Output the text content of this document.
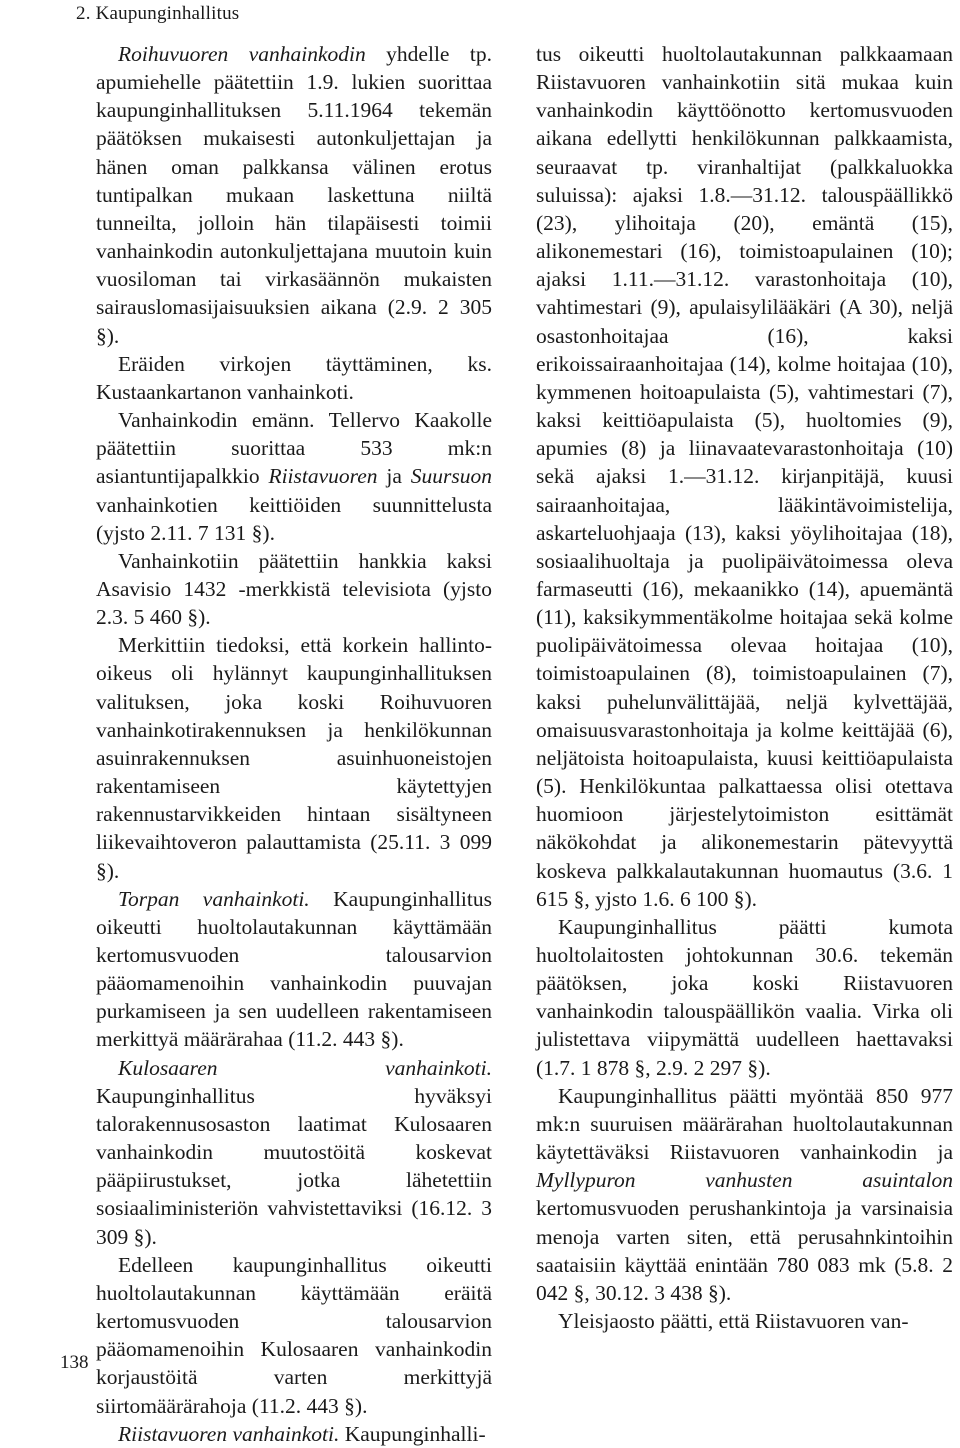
2. Kaupunginhallitus

Roihuvuoren vanhainkodin yhdelle tp. apumiehelle päätettiin 1.9. lukien suorittaa kaupunginhallituksen 5.11.1964 tekemän päätöksen mukaisesti autonkuljettajan ja hänen oman palkkansa välinen erotus tuntipalkan mukaan laskettuna niiltä tunneilta, jolloin hän tilapäisesti toimii vanhainkodin autonkuljettajana muutoin kuin vuosiloman tai virkasäännön mukaisten sairauslomasijaisuuksien aikana (2.9. 2 305 §).

Eräiden virkojen täyttäminen, ks. Kustaankartanon vanhainkoti.

Vanhainkodin emänn. Tellervo Kaakolle päätettiin suorittaa 533 mk:n asiantuntijapalkkio Riistavuoren ja Suursuon vanhainkotien keittiöiden suunnittelusta (yjsto 2.11. 7 131 §).

Vanhainkotiin päätettiin hankkia kaksi Asavisio 1432 -merkkistä televisiota (yjsto 2.3. 5 460 §).

Merkittiin tiedoksi, että korkein hallinto-oikeus oli hylännyt kaupunginhallituksen valituksen, joka koski Roihuvuoren vanhainkotirakennuksen ja henkilökunnan asuinrakennuksen asuinhuoneistojen rakentamiseen käytettyjen rakennustarvikkeiden hintaan sisältyneen liikevaihtoveron palauttamista (25.11. 3 099 §).

Torpan vanhainkoti. Kaupunginhallitus oikeutti huoltolautakunnan käyttämään kertomusvuoden talousarvion pääomamenoihin vanhainkodin puuvajan purkamiseen ja sen uudelleen rakentamiseen merkittyä määrärahaa (11.2. 443 §).

Kulosaaren vanhainkoti. Kaupunginhallitus hyväksyi talorakennusosaston laatimat Kulosaaren vanhainkodin muutostöitä koskevat pääpiirustukset, jotka lähetettiin sosiaaliministeriön vahvistettaviksi (16.12. 3 309 §).

Edelleen kaupunginhallitus oikeutti huoltolautakunnan käyttämään eräitä kertomusvuoden talousarvion pääomamenoihin Kulosaaren vanhainkodin korjaustöitä varten merkittyjä siirtomäärärahoja (11.2. 443 §).

Riistavuoren vanhainkoti. Kaupunginhalli-

tus oikeutti huoltolautakunnan palkkaamaan Riistavuoren vanhainkotiin sitä mukaa kuin vanhainkodin käyttöönotto kertomusvuoden aikana edellytti henkilökunnan palkkaamista, seuraavat tp. viranhaltijat (palkkaluokka suluissa): ajaksi 1.8.—31.12. talouspäällikkö (23), ylihoitaja (20), emäntä (15), alikonemestari (16), toimistoapulainen (10); ajaksi 1.11.—31.12. varastonhoitaja (10), vahtimestari (9), apulaisylilääkäri (A 30), neljä osastonhoitajaa (16), kaksi erikoissairaanhoitajaa (14), kolme hoitajaa (10), kymmenen hoitoapulaista (5), vahtimestari (7), kaksi keittiöapulaista (5), huoltomies (9), apumies (8) ja liinavaatevarastonhoitaja (10) sekä ajaksi 1.—31.12. kirjanpitäjä, kuusi sairaanhoitajaa, lääkintävoimistelija, askarteluohjaaja (13), kaksi yöylihoitajaa (18), sosiaalihuoltaja ja puolipäivätoimessa oleva farmaseutti (16), mekaanikko (14), apuemäntä (11), kaksikymmentäkolme hoitajaa sekä kolme puolipäivätoimessa olevaa hoitajaa (10), toimistoapulainen (8), toimistoapulainen (7), kaksi puhelunvälittäjää, neljä kylvettäjää, omaisuusvarastonhoitaja ja kolme keittäjää (6), neljätoista hoitoapulaista, kuusi keittiöapulaista (5). Henkilökuntaa palkattaessa olisi otettava huomioon järjestelytoimiston esittämät näkökohdat ja alikonemestarin pätevyyttä koskeva palkkalautakunnan huomautus (3.6. 1 615 §, yjsto 1.6. 6 100 §).

Kaupunginhallitus päätti kumota huoltolaitosten johtokunnan 30.6. tekemän päätöksen, joka koski Riistavuoren vanhainkodin talouspäällikön vaalia. Virka oli julistettava viipymättä uudelleen haettavaksi (1.7. 1 878 §, 2.9. 2 297 §).

Kaupunginhallitus päätti myöntää 850 977 mk:n suuruisen määrärahan huoltolautakunnan käytettäväksi Riistavuoren vanhainkodin ja Myllypuron vanhusten asuintalon kertomusvuoden perushankintoja ja varsinaisia menoja varten siten, että perusahnkintoihin saataisiin käyttää enintään 780 083 mk (5.8. 2 042 §, 30.12. 3 438 §).

Yleisjaosto päätti, että Riistavuoren van-

138
